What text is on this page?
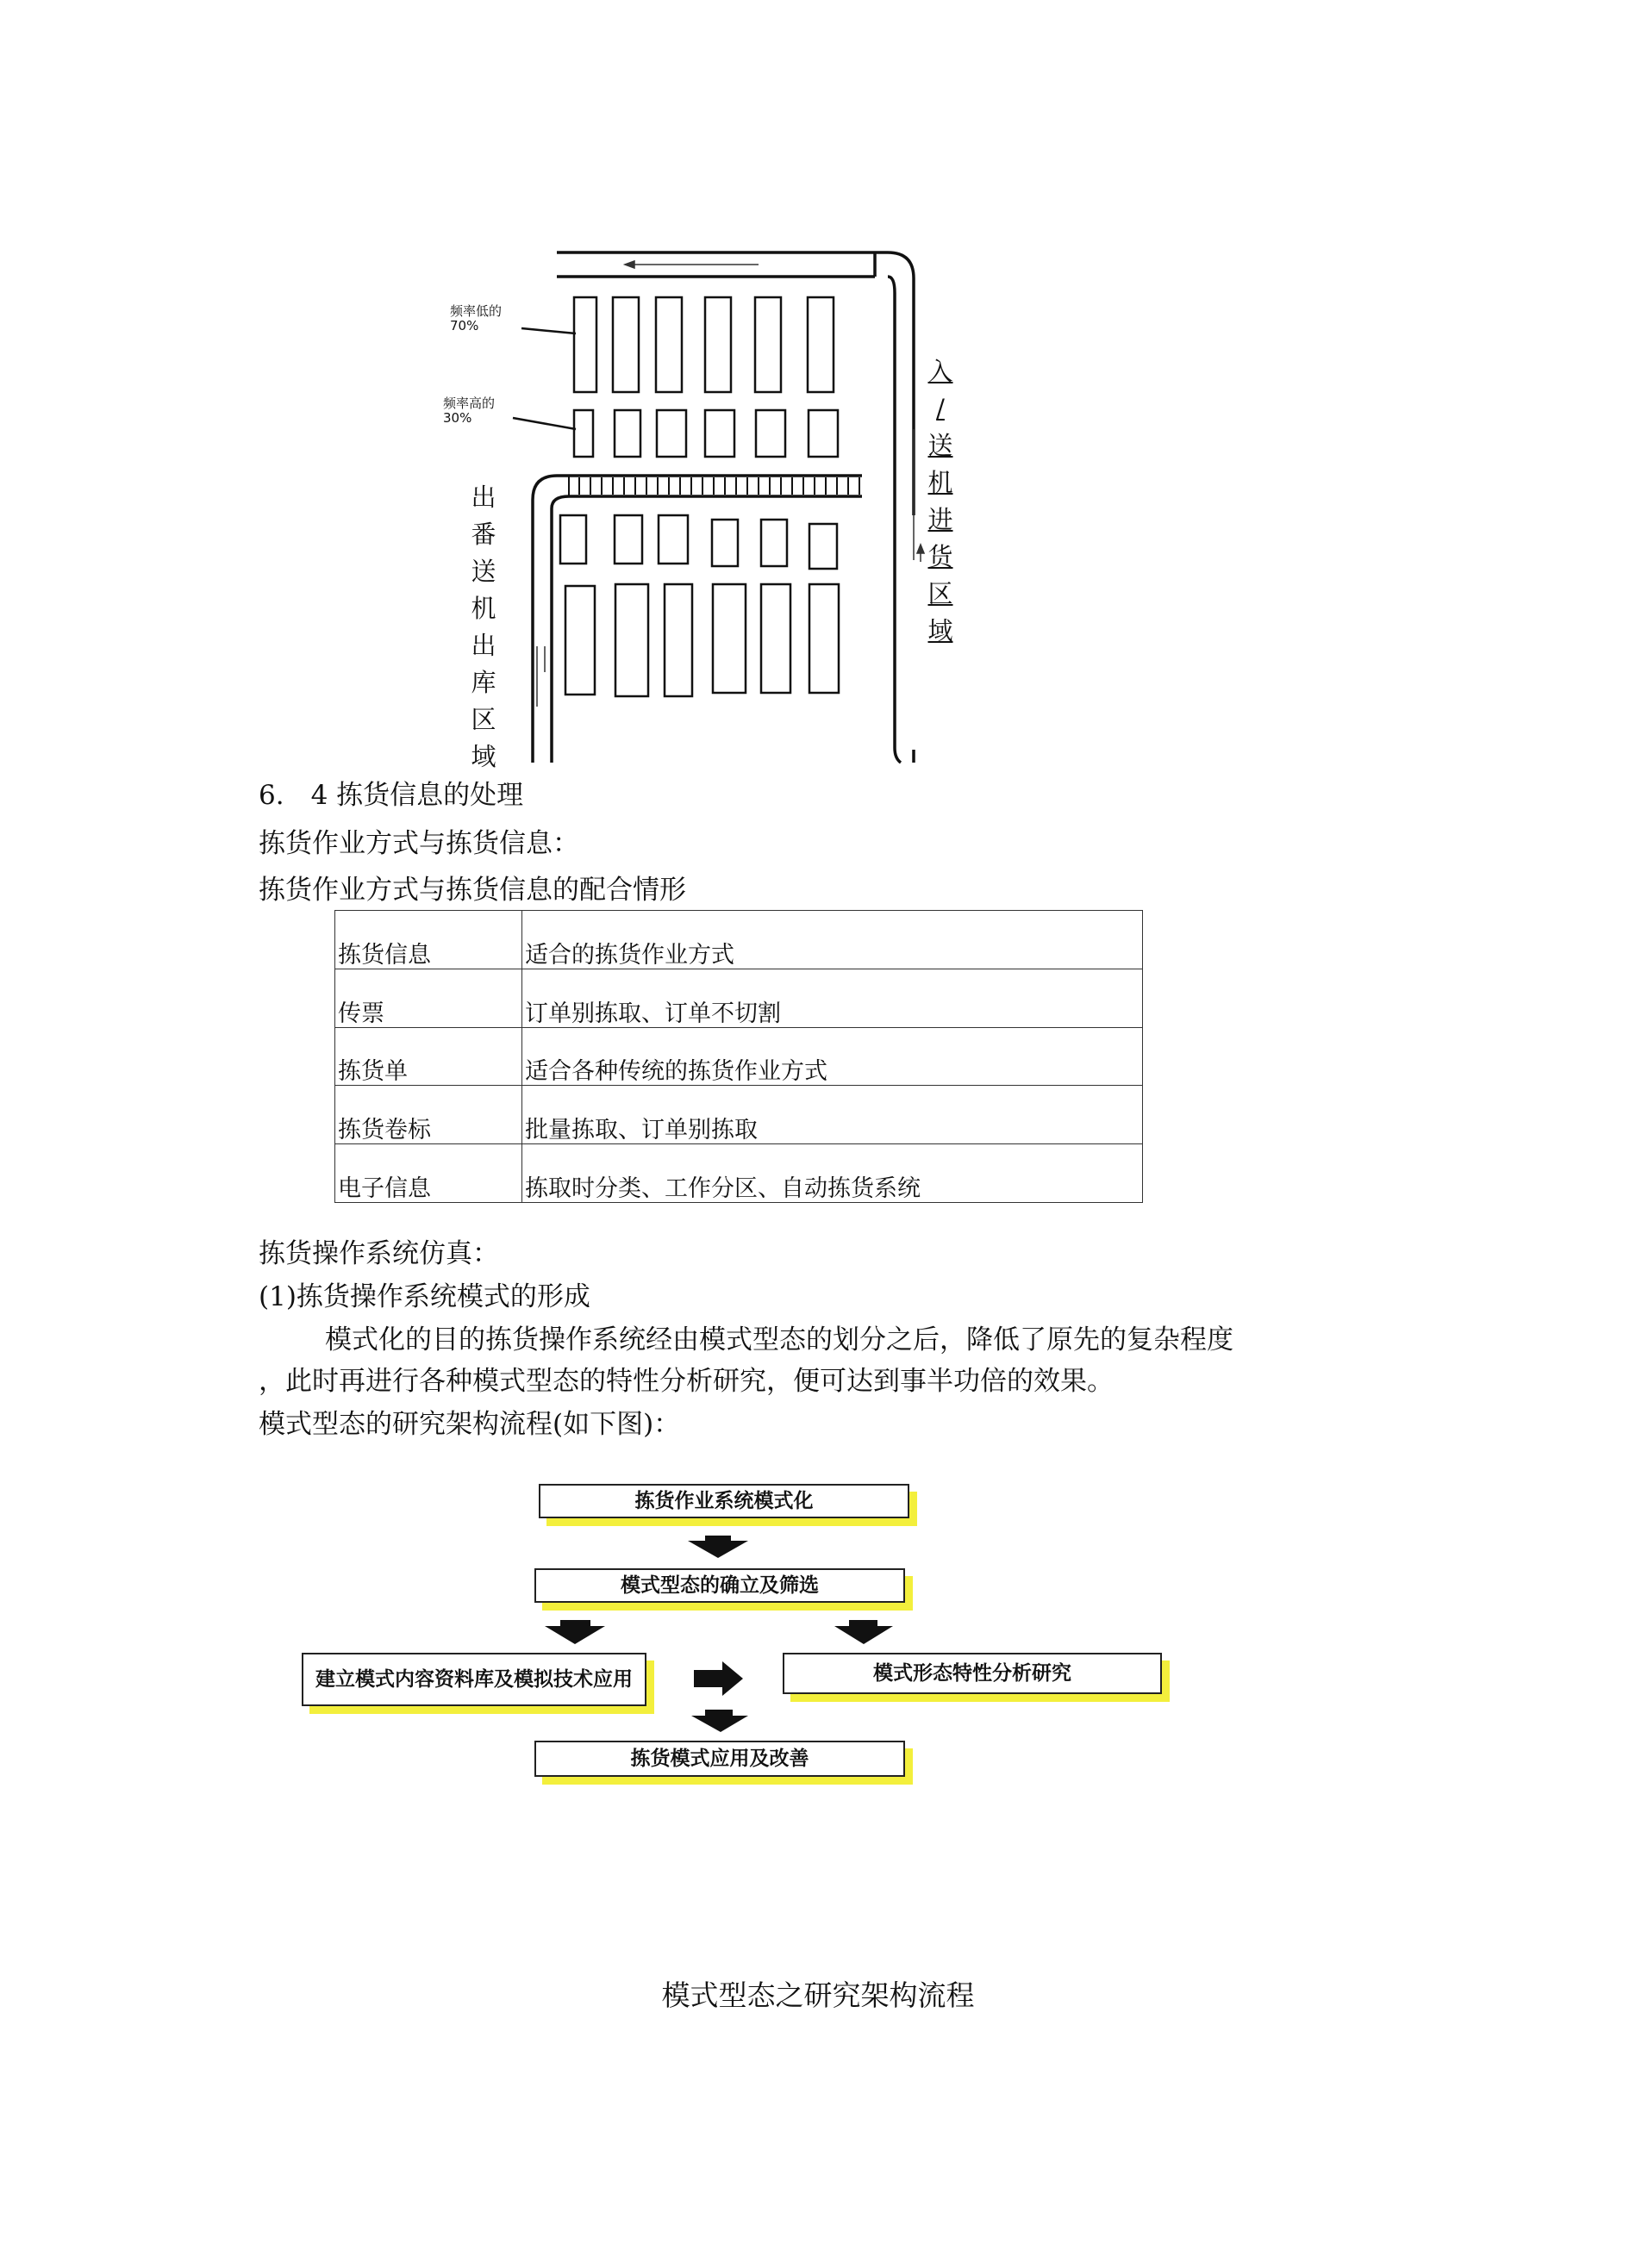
频率低的
70%
频率高的
30%
入
/
送
机
进
货
区
域
出
番
送
机
出
库
区
域
6.　4 拣货信息的处理
拣货作业方式与拣货信息：
拣货作业方式与拣货信息的配合情形
拣货信息	适合的拣货作业方式
传票	订单别拣取、订单不切割
拣货单	适合各种传统的拣货作业方式
拣货卷标	批量拣取、订单别拣取
电子信息	拣取时分类、工作分区、自动拣货系统
拣货操作系统仿真：
(1)拣货操作系统模式的形成
模式化的目的拣货操作系统经由模式型态的划分之后，降低了原先的复杂程度
，此时再进行各种模式型态的特性分析研究，便可达到事半功倍的效果。
模式型态的研究架构流程(如下图)：
拣货作业系统模式化
模式型态的确立及筛选
建立模式内容资料库及模拟技术应用	模式形态特性分析研究
拣货模式应用及改善
模式型态之研究架构流程
